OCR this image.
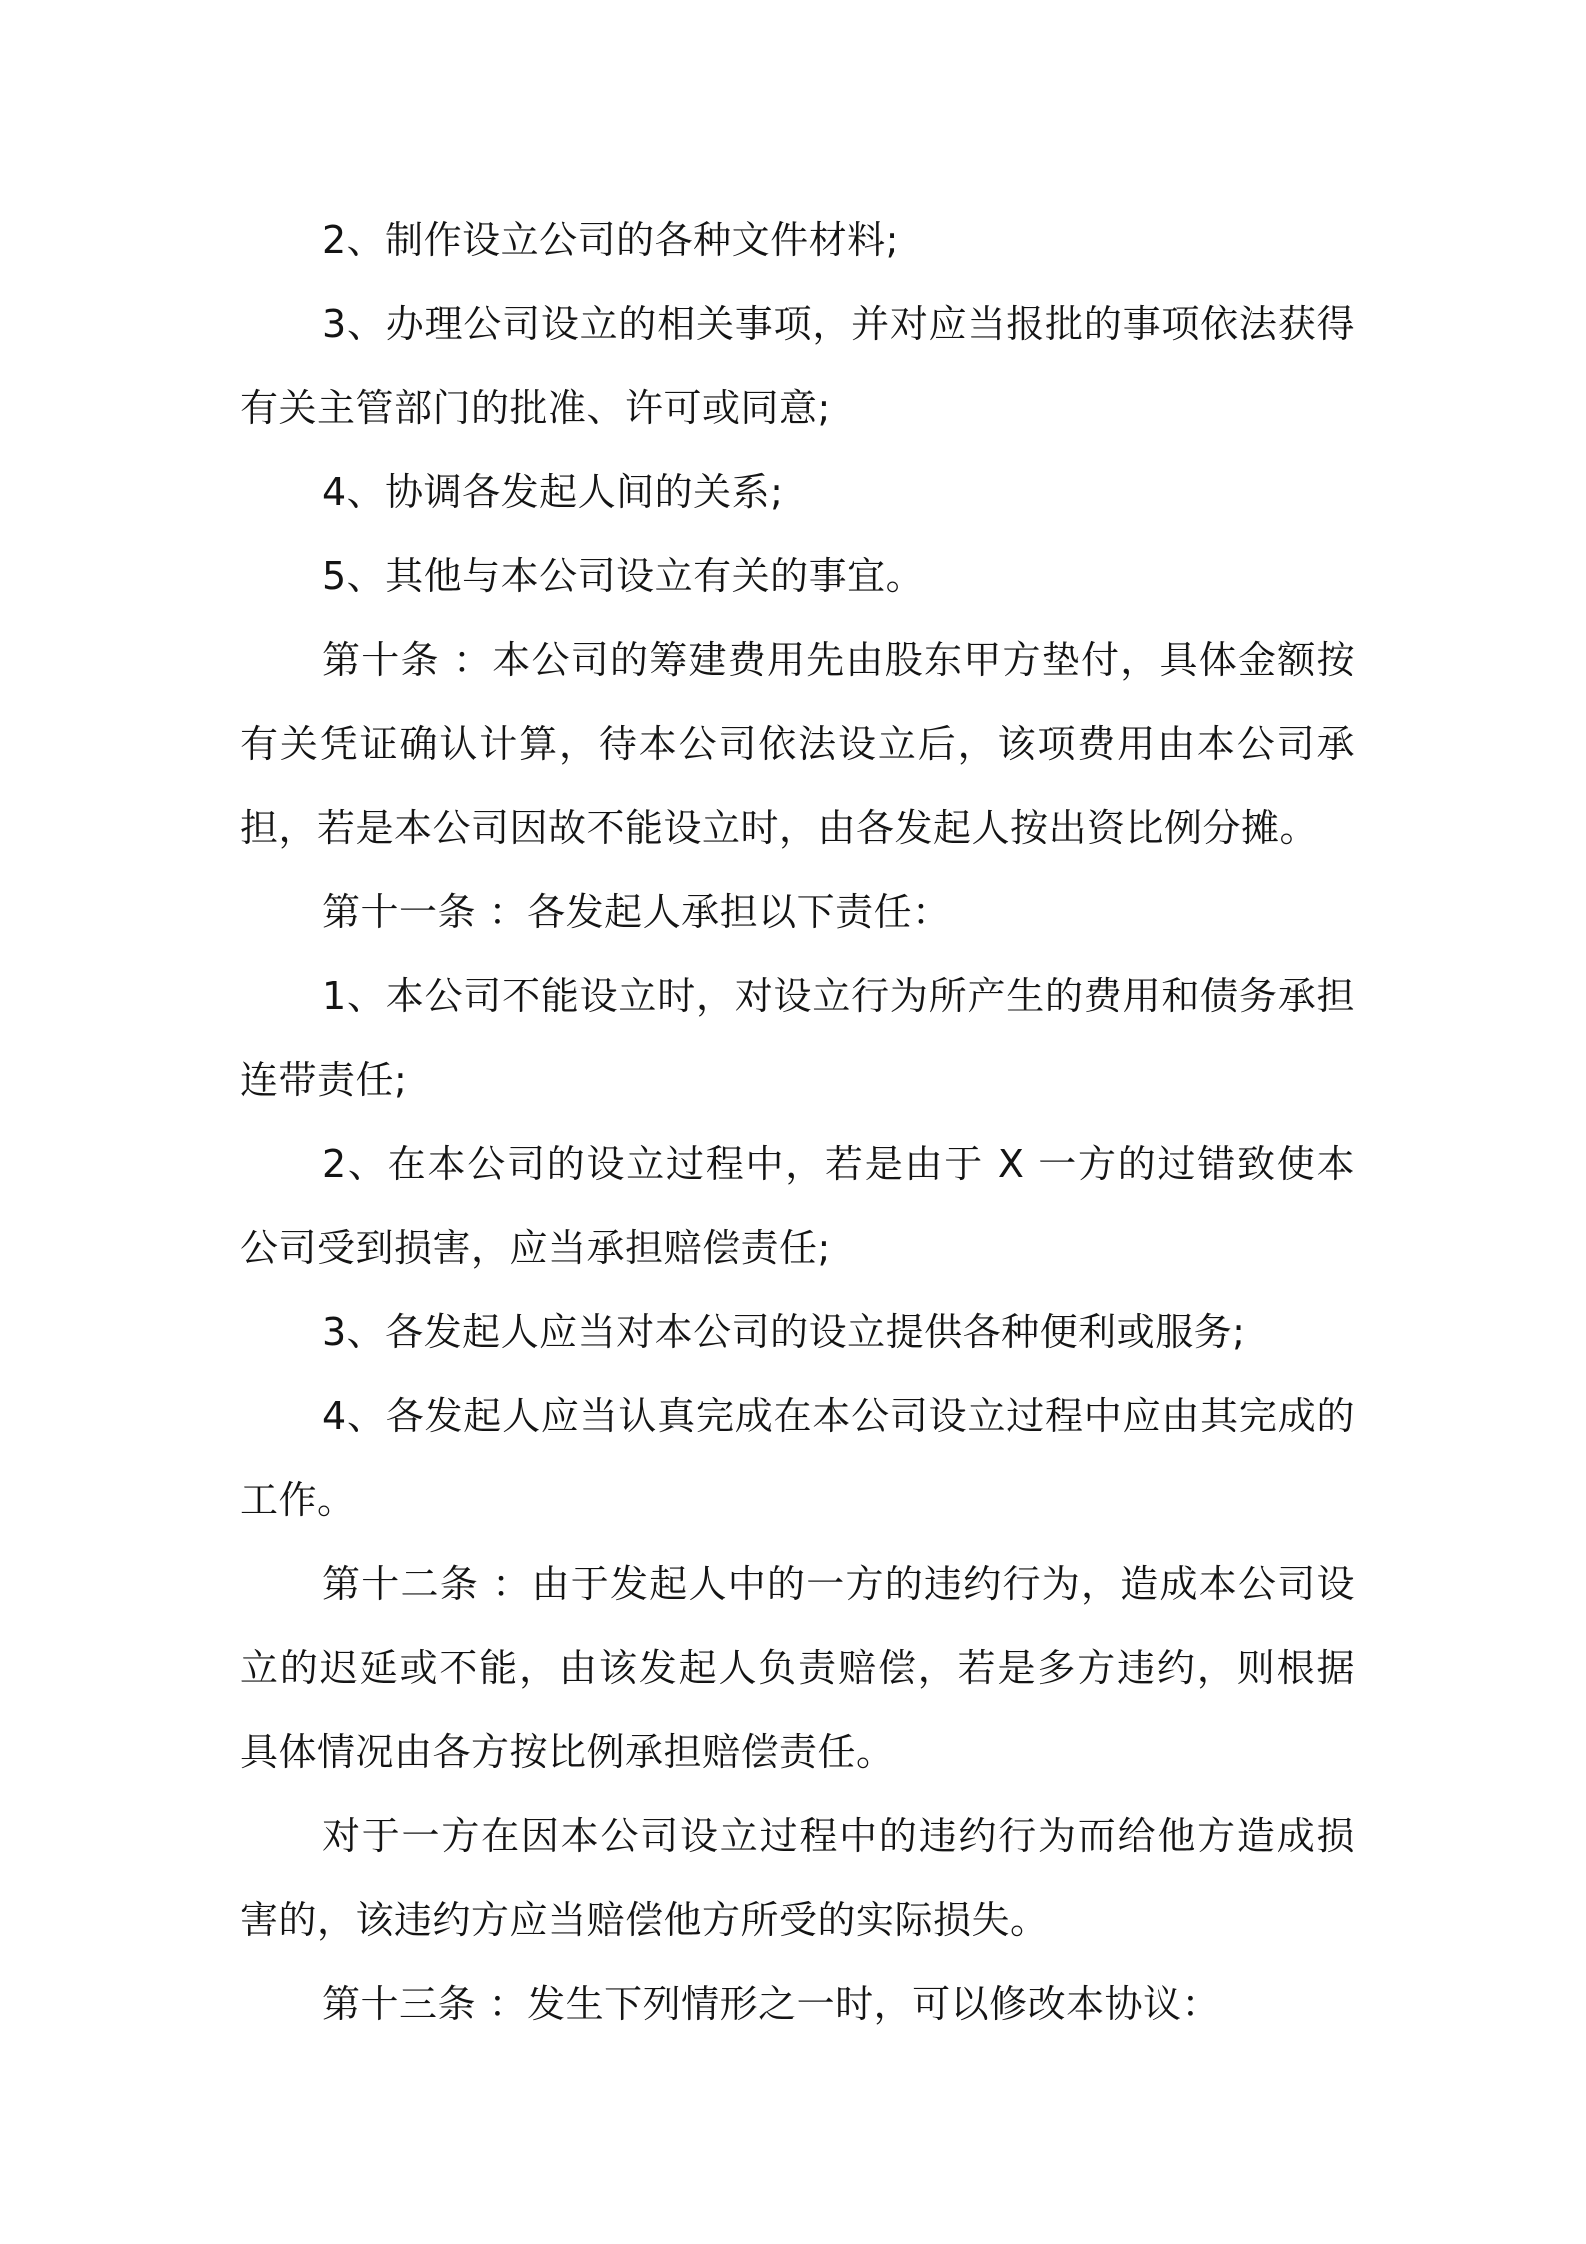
2、制作设立公司的各种文件材料;

3、办理公司设立的相关事项，并对应当报批的事项依法获得有关主管部门的批准、许可或同意;

4、协调各发起人间的关系;

5、其他与本公司设立有关的事宜。

第十条 ：本公司的筹建费用先由股东甲方垫付，具体金额按有关凭证确认计算，待本公司依法设立后，该项费用由本公司承担，若是本公司因故不能设立时，由各发起人按出资比例分摊。

第十一条 ：各发起人承担以下责任：

1、本公司不能设立时，对设立行为所产生的费用和债务承担连带责任;

2、在本公司的设立过程中，若是由于 X 一方的过错致使本公司受到损害，应当承担赔偿责任;

3、各发起人应当对本公司的设立提供各种便利或服务;

4、各发起人应当认真完成在本公司设立过程中应由其完成的工作。

第十二条 ：由于发起人中的一方的违约行为，造成本公司设立的迟延或不能，由该发起人负责赔偿，若是多方违约，则根据具体情况由各方按比例承担赔偿责任。

对于一方在因本公司设立过程中的违约行为而给他方造成损害的，该违约方应当赔偿他方所受的实际损失。

第十三条 ：发生下列情形之一时，可以修改本协议：
